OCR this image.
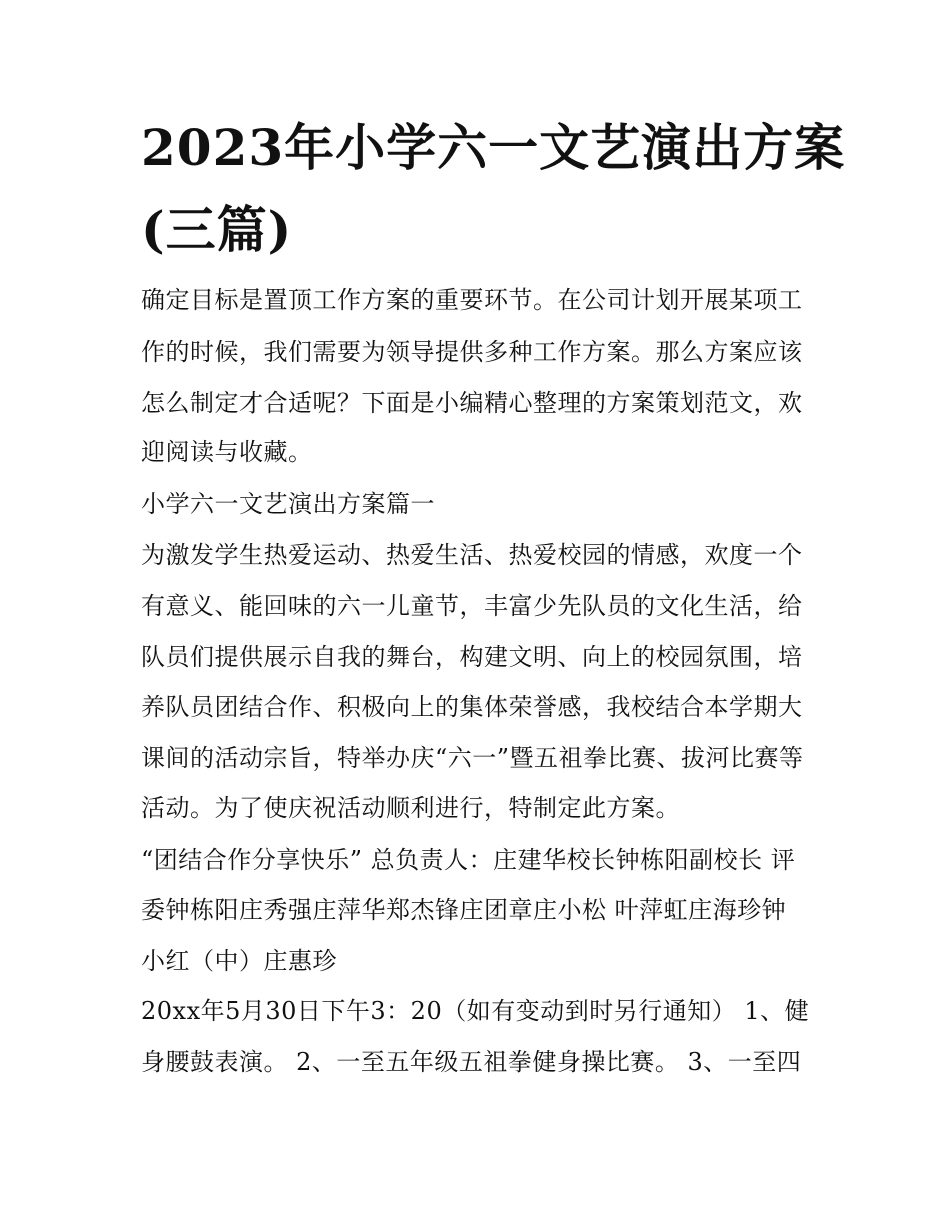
2023年小学六一文艺演出方案
(三篇)
确定目标是置顶工作方案的重要环节。在公司计划开展某项工
作的时候，我们需要为领导提供多种工作方案。那么方案应该
怎么制定才合适呢？下面是小编精心整理的方案策划范文，欢
迎阅读与收藏。
小学六一文艺演出方案篇一
为激发学生热爱运动、热爱生活、热爱校园的情感，欢度一个
有意义、能回味的六一儿童节，丰富少先队员的文化生活，给
队员们提供展示自我的舞台，构建文明、向上的校园氛围，培
养队员团结合作、积极向上的集体荣誉感，我校结合本学期大
课间的活动宗旨，特举办庆“六一”暨五祖拳比赛、拔河比赛等
活动。为了使庆祝活动顺利进行，特制定此方案。
“团结合作分享快乐” 总负责人：庄建华校长钟栋阳副校长 评
委钟栋阳庄秀强庄萍华郑杰锋庄团章庄小松 叶萍虹庄海珍钟
小红（中）庄惠珍
20xx年5月30日下午3：20（如有变动到时另行通知） 1、健
身腰鼓表演。 2、一至五年级五祖拳健身操比赛。 3、一至四
